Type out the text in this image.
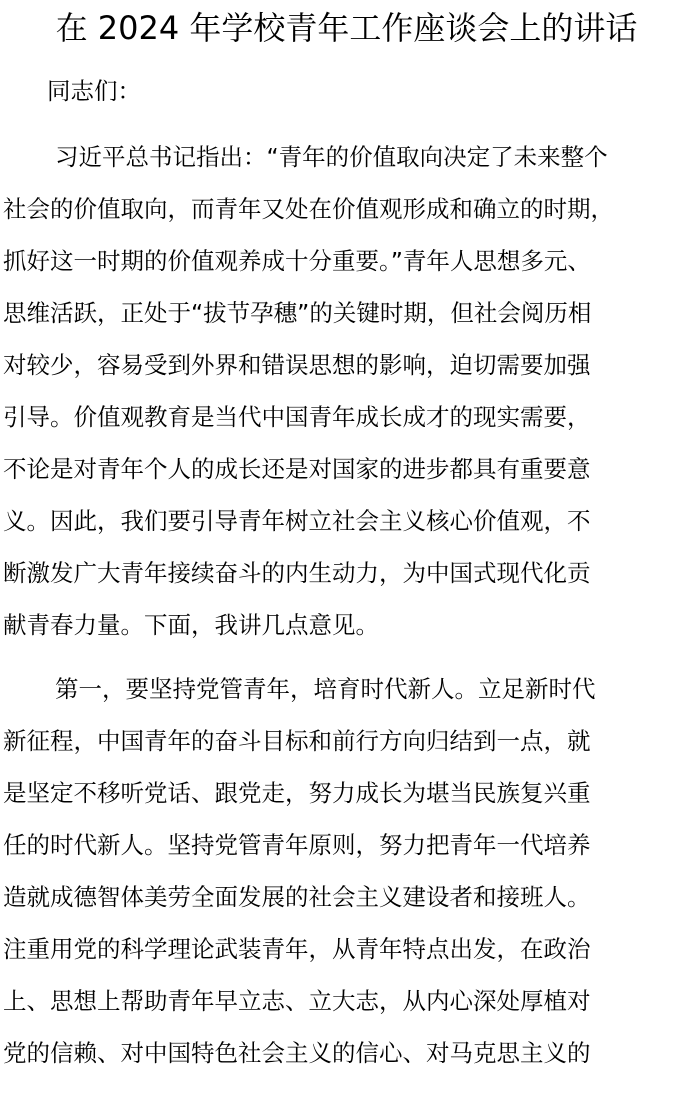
在 2024 年学校青年工作座谈会上的讲话
同志们：
习近平总书记指出：“青年的价值取向决定了未来整个
社会的价值取向，而青年又处在价值观形成和确立的时期，
抓好这一时期的价值观养成十分重要。”青年人思想多元、
思维活跃，正处于“拔节孕穗”的关键时期，但社会阅历相
对较少，容易受到外界和错误思想的影响，迫切需要加强
引导。价值观教育是当代中国青年成长成才的现实需要，
不论是对青年个人的成长还是对国家的进步都具有重要意
义。因此，我们要引导青年树立社会主义核心价值观，不
断激发广大青年接续奋斗的内生动力，为中国式现代化贡
献青春力量。下面，我讲几点意见。
第一，要坚持党管青年，培育时代新人。立足新时代
新征程，中国青年的奋斗目标和前行方向归结到一点，就
是坚定不移听党话、跟党走，努力成长为堪当民族复兴重
任的时代新人。坚持党管青年原则，努力把青年一代培养
造就成德智体美劳全面发展的社会主义建设者和接班人。
注重用党的科学理论武装青年，从青年特点出发，在政治
上、思想上帮助青年早立志、立大志，从内心深处厚植对
党的信赖、对中国特色社会主义的信心、对马克思主义的
